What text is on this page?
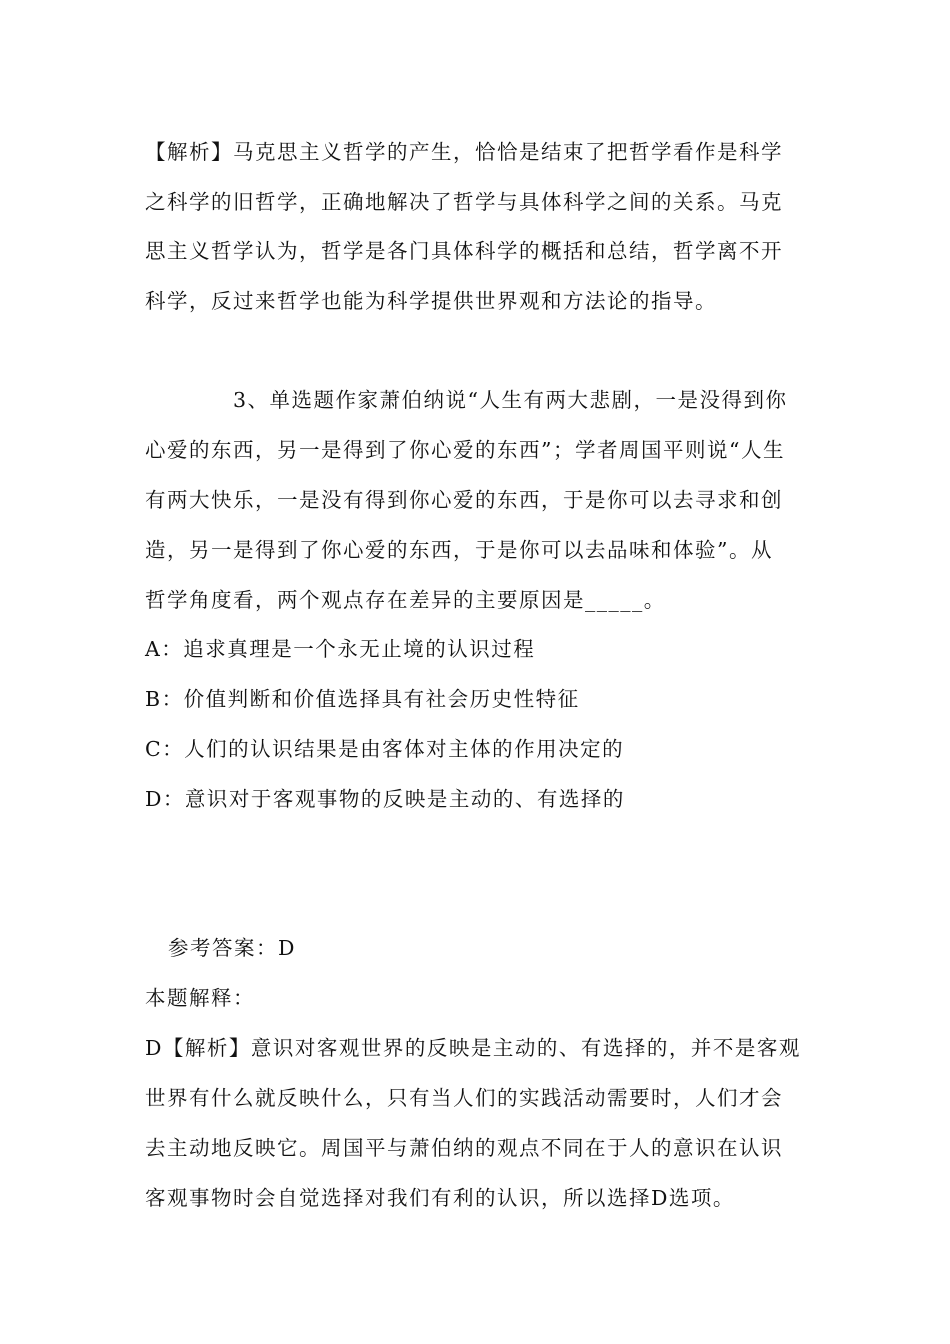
【解析】马克思主义哲学的产生，恰恰是结束了把哲学看作是科学
之科学的旧哲学，正确地解决了哲学与具体科学之间的关系。马克
思主义哲学认为，哲学是各门具体科学的概括和总结，哲学离不开
科学，反过来哲学也能为科学提供世界观和方法论的指导。
3、单选题作家萧伯纳说“人生有两大悲剧，一是没得到你
心爱的东西，另一是得到了你心爱的东西”；学者周国平则说“人生
有两大快乐，一是没有得到你心爱的东西，于是你可以去寻求和创
造，另一是得到了你心爱的东西，于是你可以去品味和体验”。从
哲学角度看，两个观点存在差异的主要原因是_____。
A：追求真理是一个永无止境的认识过程
B：价值判断和价值选择具有社会历史性特征
C：人们的认识结果是由客体对主体的作用决定的
D：意识对于客观事物的反映是主动的、有选择的
参考答案：D
本题解释：
D【解析】意识对客观世界的反映是主动的、有选择的，并不是客观
世界有什么就反映什么，只有当人们的实践活动需要时，人们才会
去主动地反映它。周国平与萧伯纳的观点不同在于人的意识在认识
客观事物时会自觉选择对我们有利的认识，所以选择D选项。
